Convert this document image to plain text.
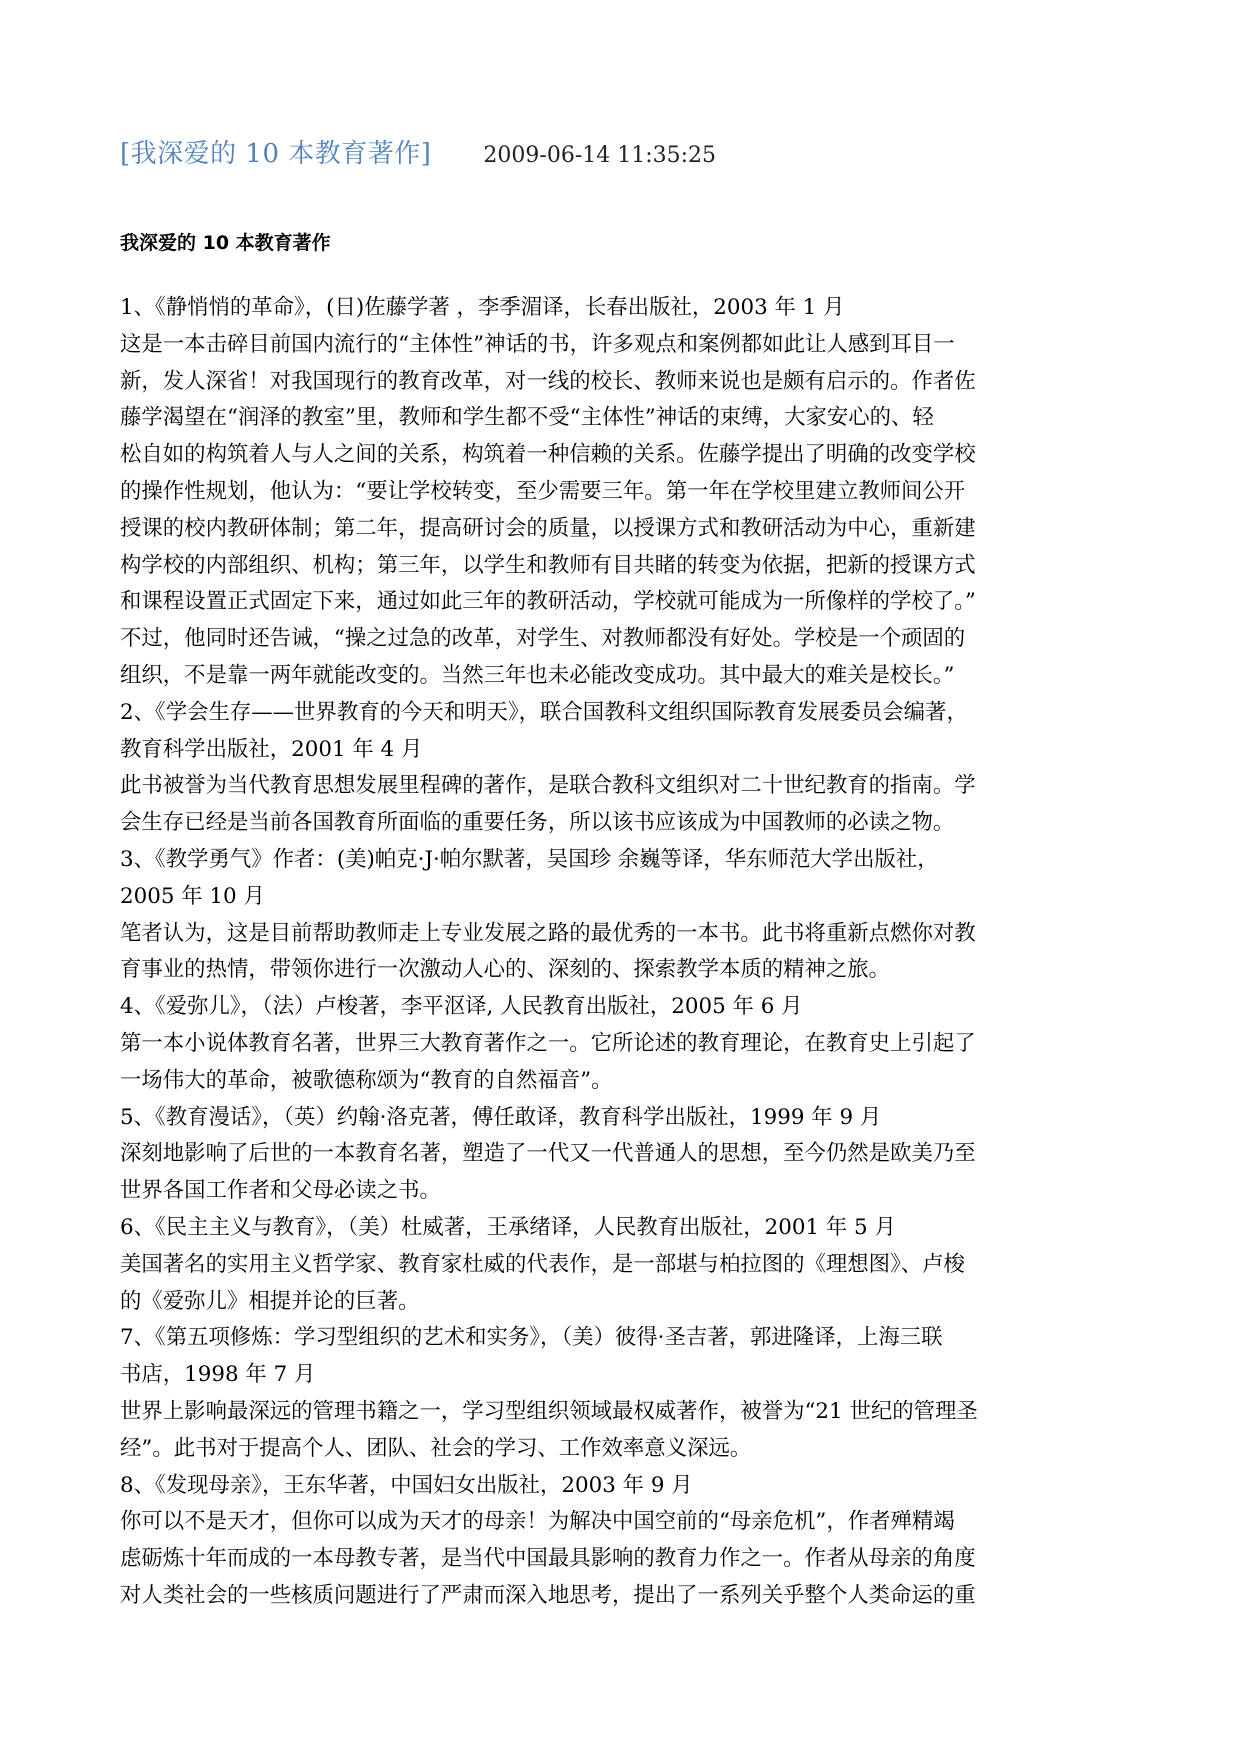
[我深爱的 10 本教育著作] 2009-06-14 11:35:25
我深爱的 10 本教育著作
1、《静悄悄的革命》，(日)佐藤学著 ，李季湄译，长春出版社，2003 年 1 月
这是一本击碎目前国内流行的“主体性”神话的书，许多观点和案例都如此让人感到耳目一
新，发人深省！对我国现行的教育改革，对一线的校长、教师来说也是颇有启示的。作者佐
藤学渴望在“润泽的教室”里，教师和学生都不受“主体性”神话的束缚，大家安心的、轻
松自如的构筑着人与人之间的关系，构筑着一种信赖的关系。佐藤学提出了明确的改变学校
的操作性规划，他认为：“要让学校转变，至少需要三年。第一年在学校里建立教师间公开
授课的校内教研体制；第二年，提高研讨会的质量，以授课方式和教研活动为中心，重新建
构学校的内部组织、机构；第三年，以学生和教师有目共睹的转变为依据，把新的授课方式
和课程设置正式固定下来，通过如此三年的教研活动，学校就可能成为一所像样的学校了。”
不过，他同时还告诫，“操之过急的改革，对学生、对教师都没有好处。学校是一个顽固的
组织，不是靠一两年就能改变的。当然三年也未必能改变成功。其中最大的难关是校长。”
2、《学会生存——世界教育的今天和明天》，联合国教科文组织国际教育发展委员会编著，
教育科学出版社，2001 年 4 月
此书被誉为当代教育思想发展里程碑的著作，是联合教科文组织对二十世纪教育的指南。学
会生存已经是当前各国教育所面临的重要任务，所以该书应该成为中国教师的必读之物。
3、《教学勇气》作者：(美)帕克·J·帕尔默著，吴国珍 余巍等译，华东师范大学出版社，
2005 年 10 月
笔者认为，这是目前帮助教师走上专业发展之路的最优秀的一本书。此书将重新点燃你对教
育事业的热情，带领你进行一次激动人心的、深刻的、探索教学本质的精神之旅。
4、《爱弥儿》，（法）卢梭著，李平沤译, 人民教育出版社，2005 年 6 月
第一本小说体教育名著，世界三大教育著作之一。它所论述的教育理论，在教育史上引起了
一场伟大的革命，被歌德称颂为“教育的自然福音”。
5、《教育漫话》，（英）约翰·洛克著，傅任敢译，教育科学出版社，1999 年 9 月
深刻地影响了后世的一本教育名著，塑造了一代又一代普通人的思想，至今仍然是欧美乃至
世界各国工作者和父母必读之书。
6、《民主主义与教育》，（美）杜威著，王承绪译，人民教育出版社，2001 年 5 月
美国著名的实用主义哲学家、教育家杜威的代表作，是一部堪与柏拉图的《理想图》、卢梭
的《爱弥儿》相提并论的巨著。
7、《第五项修炼：学习型组织的艺术和实务》，（美）彼得·圣吉著，郭进隆译，上海三联
书店，1998 年 7 月
世界上影响最深远的管理书籍之一，学习型组织领域最权威著作，被誉为“21 世纪的管理圣
经”。此书对于提高个人、团队、社会的学习、工作效率意义深远。
8、《发现母亲》，王东华著，中国妇女出版社，2003 年 9 月
你可以不是天才，但你可以成为天才的母亲！为解决中国空前的“母亲危机”，作者殚精竭
虑砺炼十年而成的一本母教专著，是当代中国最具影响的教育力作之一。作者从母亲的角度
对人类社会的一些核质问题进行了严肃而深入地思考，提出了一系列关乎整个人类命运的重
